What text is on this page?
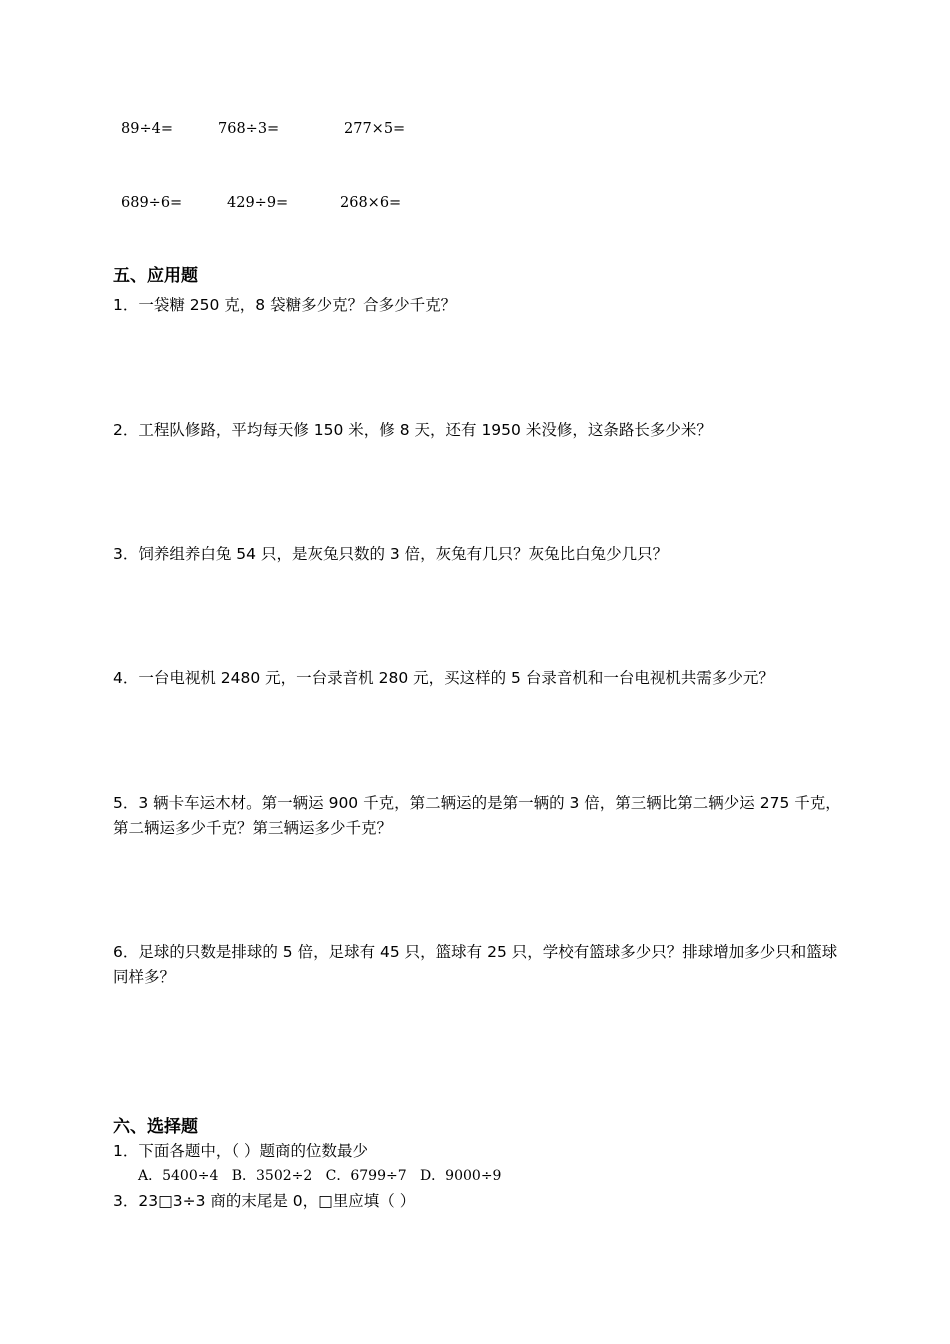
89÷4=	768÷3=	277×5=
689÷6=	429÷9=	268×6=
五、应用题
1．一袋糖 250 克，8 袋糖多少克？合多少千克？
2．工程队修路，平均每天修 150 米，修 8 天，还有 1950 米没修，这条路长多少米？
3．饲养组养白兔 54 只，是灰兔只数的 3 倍，灰兔有几只？灰兔比白兔少几只？
4．一台电视机 2480 元，一台录音机 280 元，买这样的 5 台录音机和一台电视机共需多少元？
5．3 辆卡车运木材。第一辆运 900 千克，第二辆运的是第一辆的 3 倍，第三辆比第二辆少运 275 千克，第二辆运多少千克？第三辆运多少千克？
6．足球的只数是排球的 5 倍，足球有 45 只，篮球有 25 只，学校有篮球多少只？排球增加多少只和篮球同样多？
六、选择题
1．下面各题中，（ ）题商的位数最少
A．5400÷4   B．3502÷2   C．6799÷7   D．9000÷9
3．23□3÷3 商的末尾是 0，□里应填（ ）
